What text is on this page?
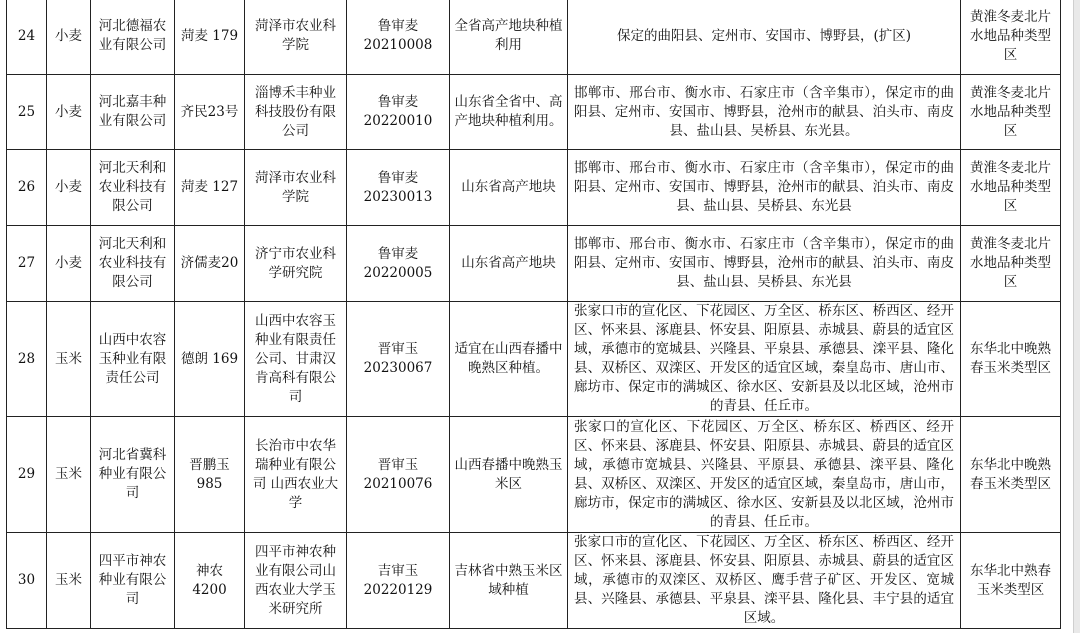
24	小麦	河北德福农业有限公司	菏麦 179	菏泽市农业科学院	鲁审麦20210008	全省高产地块种植利用	保定的曲阳县、定州市、安国市、博野县，(扩区)	黄淮冬麦北片水地品种类型区
25	小麦	河北嘉丰种业有限公司	齐民23号	淄博禾丰种业科技股份有限公司	鲁审麦20220010	山东省全省中、高产地块种植利用。	邯郸市、邢台市、衡水市、石家庄市（含辛集市），保定市的曲阳县、定州市、安国市、博野县，沧州市的献县、泊头市、南皮县、盐山县、吴桥县、东光县。	黄淮冬麦北片水地品种类型区
26	小麦	河北天利和农业科技有限公司	菏麦 127	菏泽市农业科学院	鲁审麦20230013	山东省高产地块	邯郸市、邢台市、衡水市、石家庄市（含辛集市），保定市的曲阳县、定州市、安国市、博野县，沧州市的献县、泊头市、南皮县、盐山县、吴桥县、东光县	黄淮冬麦北片水地品种类型区
27	小麦	河北天利和农业科技有限公司	济儒麦20	济宁市农业科学研究院	鲁审麦20220005	山东省高产地块	邯郸市、邢台市、衡水市、石家庄市（含辛集市），保定市的曲阳县、定州市、安国市、博野县，沧州市的献县、泊头市、南皮县、盐山县、吴桥县、东光县	黄淮冬麦北片水地品种类型区
28	玉米	山西中农容玉种业有限责任公司	德朗 169	山西中农容玉种业有限责任公司、甘肃汉肯高科有限公司	晋审玉20230067	适宜在山西春播中晚熟区种植。	张家口市的宣化区、下花园区、万全区、桥东区、桥西区、经开区、怀来县、涿鹿县、怀安县、阳原县、赤城县、蔚县的适宜区域，承德市的宽城县、兴隆县、平泉县、承德县、滦平县、隆化县、双桥区、双滦区、开发区的适宜区域，秦皇岛市、唐山市、廊坊市、保定市的满城区、徐水区、安新县及以北区域，沧州市的青县、任丘市。	东华北中晚熟春玉米类型区
29	玉米	河北省冀科种业有限公司	晋鹏玉985	长治市中农华瑞种业有限公司 山西农业大学	晋审玉20210076	山西春播中晚熟玉米区	张家口的宣化区、下花园区、万全区、桥东区、桥西区、经开区、怀来县、涿鹿县、怀安县、阳原县、赤城县、蔚县的适宜区域，承德市宽城县、兴隆县、平原县、承德县、滦平县、隆化县、双桥区、双滦区、开发区的适宜区域，秦皇岛市，唐山市，廊坊市，保定市的满城区、徐水区、安新县及以北区域，沧州市的青县、任丘市。	东华北中晚熟春玉米类型区
30	玉米	四平市神农种业有限公司	神农4200	四平市神农种业有限公司山西农业大学玉米研究所	吉审玉20220129	吉林省中熟玉米区域种植	张家口市的宣化区、下花园区、万全区、桥东区、桥西区、经开区、怀来县、涿鹿县、怀安县、阳原县、赤城县、蔚县的适宜区域，承德市的双滦区、双桥区、鹰手营子矿区、开发区、宽城县、兴隆县、承德县、平泉县、滦平县、隆化县、丰宁县的适宜区域。	东华北中熟春玉米类型区
